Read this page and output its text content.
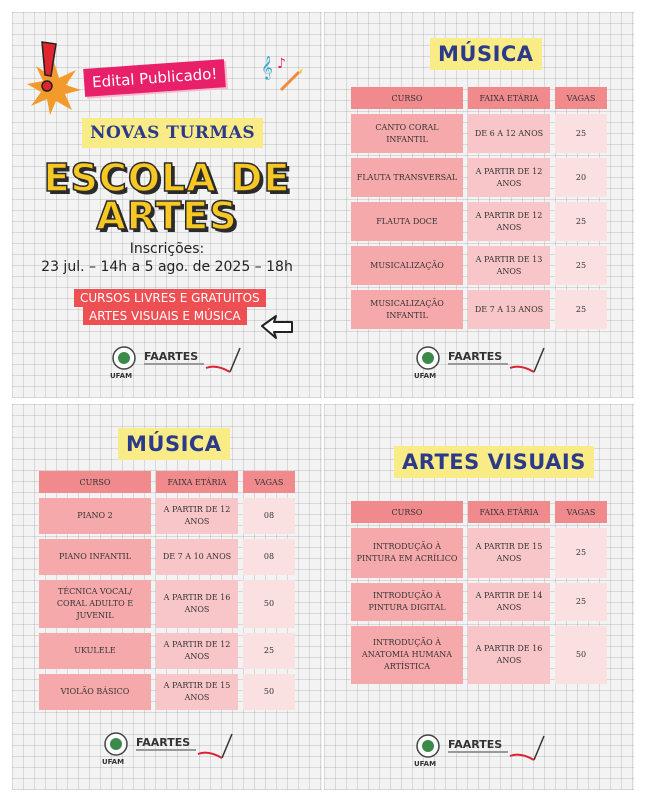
Edital Publicado!	𝄞 ♪
NOVAS TURMAS
ESCOLA DE
ARTES
Inscrições:
23 jul. – 14h a 5 ago. de 2025 – 18h
CURSOS LIVRES E GRATUITOS
ARTES VISUAIS E MÚSICA
UFAM
FAARTES
MÚSICA
CURSO	FAIXA ETÁRIA	VAGAS
CANTO CORAL INFANTIL	DE 6 A 12 ANOS	25
FLAUTA TRANSVERSAL	A PARTIR DE 12 ANOS	20
FLAUTA DOCE	A PARTIR DE 12 ANOS	25
MUSICALIZAÇÃO	A PARTIR DE 13 ANOS	25
MUSICALIZAÇÃO INFANTIL	DE 7 A 13 ANOS	25
UFAM
FAARTES
MÚSICA
CURSO	FAIXA ETÁRIA	VAGAS
PIANO 2	A PARTIR DE 12 ANOS	08
PIANO INFANTIL	DE 7 A 10 ANOS	08
TÉCNICA VOCAL/ CORAL ADULTO E JUVENIL	A PARTIR DE 16 ANOS	50
UKULELE	A PARTIR DE 12 ANOS	25
VIOLÃO BÁSICO	A PARTIR DE 15 ANOS	50
UFAM
FAARTES
ARTES VISUAIS
CURSO	FAIXA ETÁRIA	VAGAS
INTRODUÇÃO À PINTURA EM ACRÍLICO	A PARTIR DE 15 ANOS	25
INTRODUÇÃO À PINTURA DIGITAL	A PARTIR DE 14 ANOS	25
INTRODUÇÃO À ANATOMIA HUMANA ARTÍSTICA	A PARTIR DE 16 ANOS	50
UFAM
FAARTES
